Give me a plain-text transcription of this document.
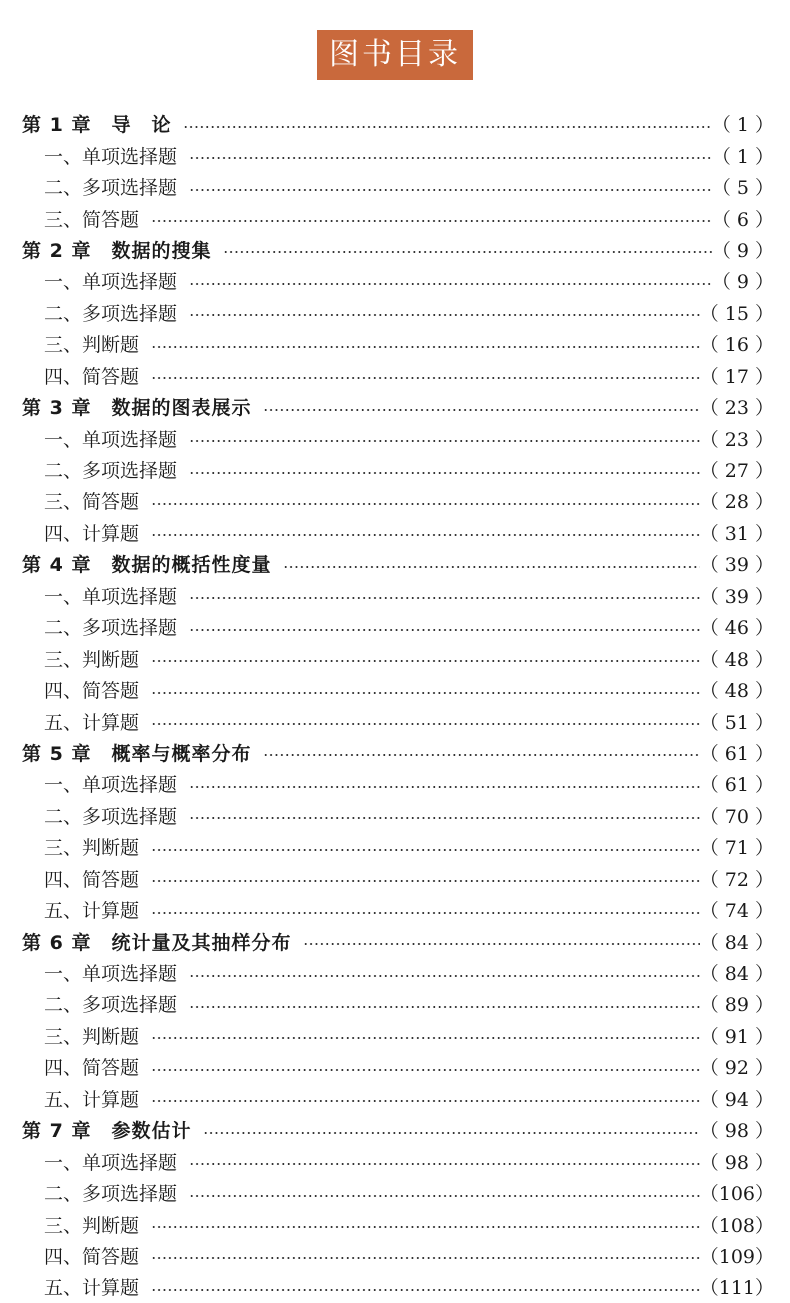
图书目录
第 1 章　导　论	（ 1 ）
一、单项选择题	（ 1 ）
二、多项选择题	（ 5 ）
三、简答题	（ 6 ）
第 2 章　数据的搜集	（ 9 ）
一、单项选择题	（ 9 ）
二、多项选择题	（ 15 ）
三、判断题	（ 16 ）
四、简答题	（ 17 ）
第 3 章　数据的图表展示	（ 23 ）
一、单项选择题	（ 23 ）
二、多项选择题	（ 27 ）
三、简答题	（ 28 ）
四、计算题	（ 31 ）
第 4 章　数据的概括性度量	（ 39 ）
一、单项选择题	（ 39 ）
二、多项选择题	（ 46 ）
三、判断题	（ 48 ）
四、简答题	（ 48 ）
五、计算题	（ 51 ）
第 5 章　概率与概率分布	（ 61 ）
一、单项选择题	（ 61 ）
二、多项选择题	（ 70 ）
三、判断题	（ 71 ）
四、简答题	（ 72 ）
五、计算题	（ 74 ）
第 6 章　统计量及其抽样分布	（ 84 ）
一、单项选择题	（ 84 ）
二、多项选择题	（ 89 ）
三、判断题	（ 91 ）
四、简答题	（ 92 ）
五、计算题	（ 94 ）
第 7 章　参数估计	（ 98 ）
一、单项选择题	（ 98 ）
二、多项选择题	（106）
三、判断题	（108）
四、简答题	（109）
五、计算题	（111）
